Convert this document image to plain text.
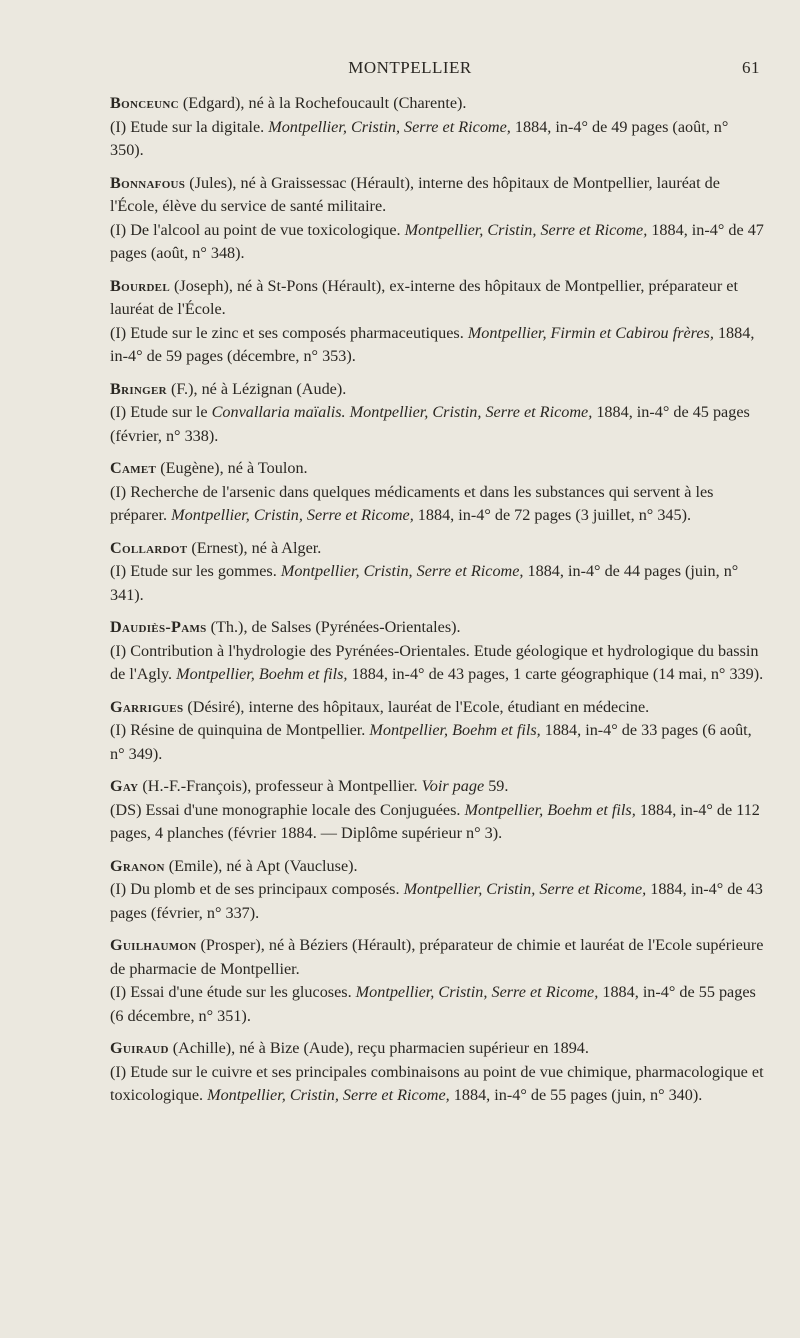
MONTPELLIER	61

Bonceunc (Edgard), né à la Rochefoucault (Charente).

(I) Etude sur la digitale. Montpellier, Cristin, Serre et Ricome, 1884, in-4° de 49 pages (août, n° 350).

Bonnafous (Jules), né à Graissessac (Hérault), interne des hôpitaux de Montpellier, lauréat de l'École, élève du service de santé militaire.

(I) De l'alcool au point de vue toxicologique. Montpellier, Cristin, Serre et Ricome, 1884, in-4° de 47 pages (août, n° 348).

Bourdel (Joseph), né à St-Pons (Hérault), ex-interne des hôpitaux de Montpellier, préparateur et lauréat de l'École.

(I) Etude sur le zinc et ses composés pharmaceutiques. Montpellier, Firmin et Cabirou frères, 1884, in-4° de 59 pages (décembre, n° 353).

Bringer (F.), né à Lézignan (Aude).

(I) Etude sur le Convallaria maïalis. Montpellier, Cristin, Serre et Ricome, 1884, in-4° de 45 pages (février, n° 338).

Camet (Eugène), né à Toulon.

(I) Recherche de l'arsenic dans quelques médicaments et dans les substances qui servent à les préparer. Montpellier, Cristin, Serre et Ricome, 1884, in-4° de 72 pages (3 juillet, n° 345).

Collardot (Ernest), né à Alger.

(I) Etude sur les gommes. Montpellier, Cristin, Serre et Ricome, 1884, in-4° de 44 pages (juin, n° 341).

Daudiès-Pams (Th.), de Salses (Pyrénées-Orientales).

(I) Contribution à l'hydrologie des Pyrénées-Orientales. Etude géologique et hydrologique du bassin de l'Agly. Montpellier, Boehm et fils, 1884, in-4° de 43 pages, 1 carte géographique (14 mai, n° 339).

Garrigues (Désiré), interne des hôpitaux, lauréat de l'Ecole, étudiant en médecine.

(I) Résine de quinquina de Montpellier. Montpellier, Boehm et fils, 1884, in-4° de 33 pages (6 août, n° 349).

Gay (H.-F.-François), professeur à Montpellier. Voir page 59.

(DS) Essai d'une monographie locale des Conjuguées. Montpellier, Boehm et fils, 1884, in-4° de 112 pages, 4 planches (février 1884. — Diplôme supérieur n° 3).

Granon (Emile), né à Apt (Vaucluse).

(I) Du plomb et de ses principaux composés. Montpellier, Cristin, Serre et Ricome, 1884, in-4° de 43 pages (février, n° 337).

Guilhaumon (Prosper), né à Béziers (Hérault), préparateur de chimie et lauréat de l'Ecole supérieure de pharmacie de Montpellier.

(I) Essai d'une étude sur les glucoses. Montpellier, Cristin, Serre et Ricome, 1884, in-4° de 55 pages (6 décembre, n° 351).

Guiraud (Achille), né à Bize (Aude), reçu pharmacien supérieur en 1894.

(I) Etude sur le cuivre et ses principales combinaisons au point de vue chimique, pharmacologique et toxicologique. Montpellier, Cristin, Serre et Ricome, 1884, in-4° de 55 pages (juin, n° 340).
